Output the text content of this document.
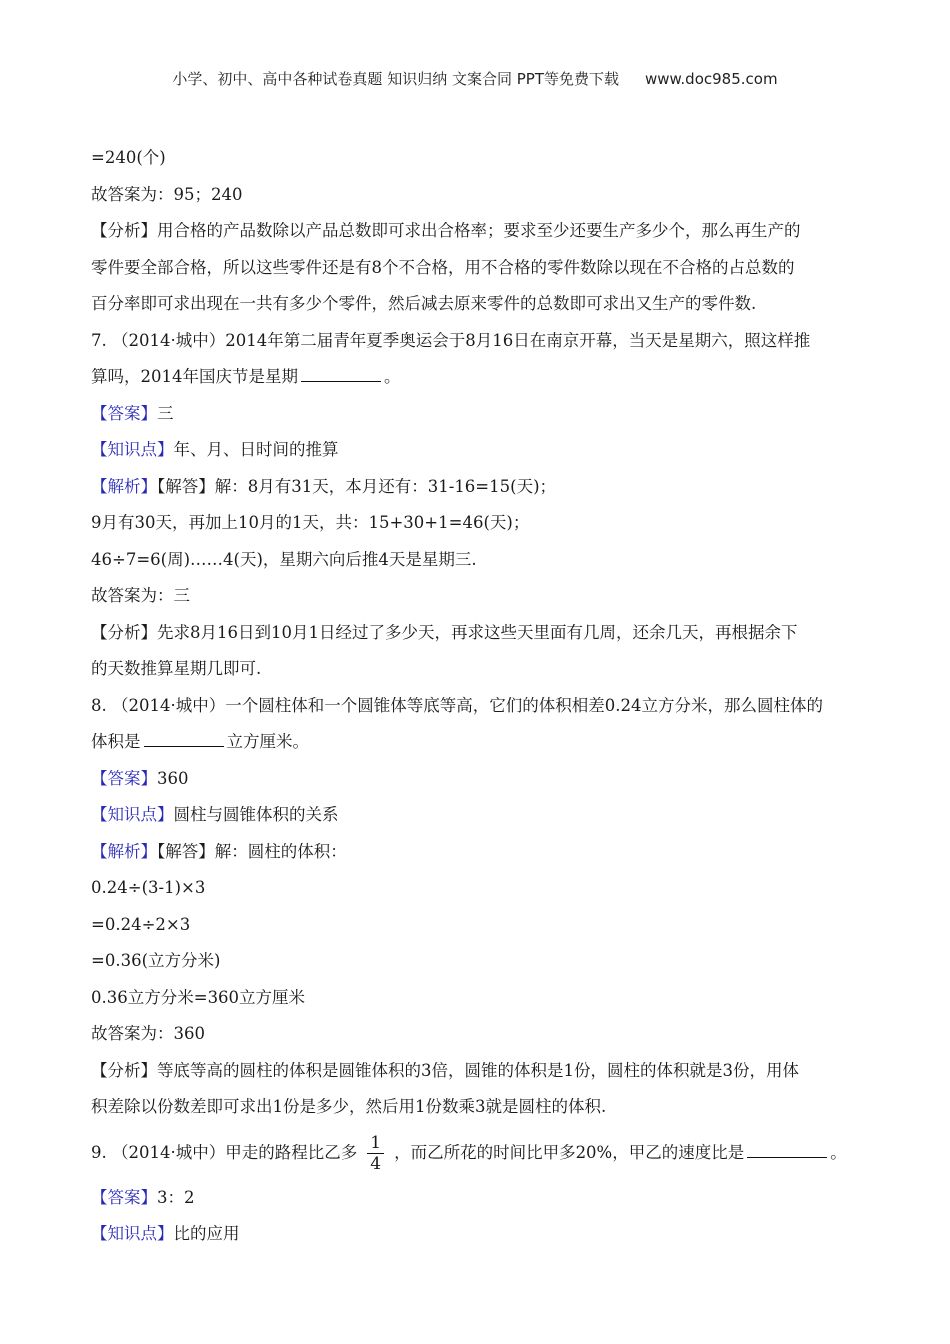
小学、初中、高中各种试卷真题 知识归纳 文案合同 PPT等免费下载 www.doc985.com
=240(个)
故答案为：95；240
【分析】用合格的产品数除以产品总数即可求出合格率；要求至少还要生产多少个，那么再生产的
零件要全部合格，所以这些零件还是有8个不合格，用不合格的零件数除以现在不合格的占总数的
百分率即可求出现在一共有多少个零件，然后减去原来零件的总数即可求出又生产的零件数.
7. （2014·城中）2014年第二届青年夏季奥运会于8月16日在南京开幕，当天是星期六，照这样推
算吗，2014年国庆节是星期	。
【答案】三
【知识点】年、月、日时间的推算
【解析】【解答】解：8月有31天，本月还有：31-16=15(天)；
9月有30天，再加上10月的1天，共：15+30+1=46(天)；
46÷7=6(周)……4(天)，星期六向后推4天是星期三.
故答案为：三
【分析】先求8月16日到10月1日经过了多少天，再求这些天里面有几周，还余几天，再根据余下
的天数推算星期几即可.
8. （2014·城中）一个圆柱体和一个圆锥体等底等高，它们的体积相差0.24立方分米，那么圆柱体的
体积是	立方厘米。
【答案】360
【知识点】圆柱与圆锥体积的关系
【解析】【解答】解：圆柱的体积：
0.24÷(3-1)×3
=0.24÷2×3
=0.36(立方分米)
0.36立方分米=360立方厘米
故答案为：360
【分析】等底等高的圆柱的体积是圆锥体积的3倍，圆锥的体积是1份，圆柱的体积就是3份，用体
积差除以份数差即可求出1份是多少，然后用1份数乘3就是圆柱的体积.
9. （2014·城中）甲走的路程比乙多 $\frac{1}{4}$ ，而乙所花的时间比甲多20%，甲乙的速度比是	。
【答案】3：2
【知识点】比的应用
